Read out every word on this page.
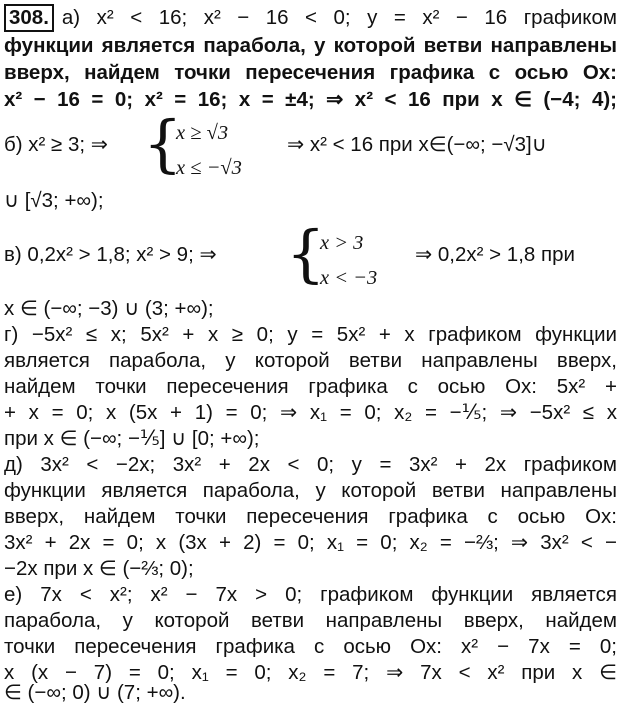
308. а) x² < 16; x² − 16 < 0; y = x² − 16 графиком
функции является парабола, у которой ветви направлены
вверх, найдем точки пересечения графика с осью Ox:
x² − 16 = 0; x² = 16; x = ±4; ⇒ x² < 16 при x ∈ (−4; 4);
б) x² ≥ 3; ⇒ {
x ≥ √3
x ≤ −√3
⇒ x² < 16 при x∈(−∞; −√3]∪
∪ [√3; +∞);
в) 0,2x² > 1,8; x² > 9; ⇒ {
x > 3
x < −3
⇒ 0,2x² > 1,8 при
x ∈ (−∞; −3) ∪ (3; +∞);
г) −5x² ≤ x; 5x² + x ≥ 0; y = 5x² + x графиком функции
является парабола, у которой ветви направлены вверх,
найдем точки пересечения графика с осью Ox: 5x² +
+ x = 0; x (5x + 1) = 0; ⇒ x₁ = 0; x₂ = −⅕; ⇒ −5x² ≤ x
при x ∈ (−∞; −⅕] ∪ [0; +∞);
д) 3x² < −2x; 3x² + 2x < 0; y = 3x² + 2x графиком
функции является парабола, у которой ветви направлены
вверх, найдем точки пересечения графика с осью Ox:
3x² + 2x = 0; x (3x + 2) = 0; x₁ = 0; x₂ = −⅔; ⇒ 3x² < −
−2x при x ∈ (−⅔; 0);
е) 7x < x²; x² − 7x > 0; графиком функции является
парабола, у которой ветви направлены вверх, найдем
точки пересечения графика с осью Ox: x² − 7x = 0;
x (x − 7) = 0; x₁ = 0; x₂ = 7; ⇒ 7x < x² при x ∈
∈ (−∞; 0) ∪ (7; +∞).
